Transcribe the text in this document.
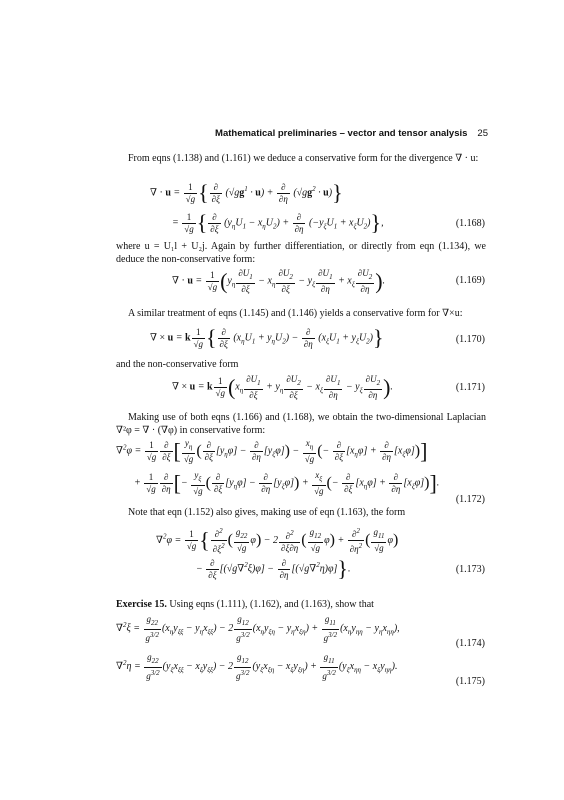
Mathematical preliminaries – vector and tensor analysis 25
From eqns (1.138) and (1.161) we deduce a conservative form for the divergence ∇ · u:
∇ · $u = \frac{1}{√g}$ { $\frac{\partial}{\partial\xi} (√gg^1 \cdot u) + \frac{\partial}{\partial\eta} (√gg^2 \cdot u)$}
= $\frac{1}{√g}$ { $\frac{\partial}{\partial\xi} (y_\eta U_1 - x_\eta U_2) + \frac{\partial}{\partial\eta} (-y_\xi U_1 + x_\xi U_2)$},	(1.168)
where u = U₁l + U₂j. Again by further differentiation, or directly from eqn (1.134), we deduce the non-conservative form:
∇ · $u = \frac{1}{√g} (y_\eta \frac{\partial U_1}{\partial\xi} - x_\eta \frac{\partial U_2}{\partial\xi} - y_\xi \frac{\partial U_1}{\partial\eta} + x_\xi \frac{\partial U_2}{\partial\eta}$ ).	(1.169)
A similar treatment of eqns (1.145) and (1.146) yields a conservative form for ∇×u:
∇ × u = k $\frac{1}{√g}$ { $\frac{\partial}{\partial\xi} (x_\eta U_1 + y_\eta U_2) - \frac{\partial}{\partial\eta} (x_\xi U_1 + y_\xi U_2)$}	(1.170)
and the non-conservative form
∇ × u = k $\frac{1}{√g} (x_\eta \frac{\partial U_1}{\partial\xi} + y_\eta \frac{\partial U_2}{\partial\xi} - x_\xi \frac{\partial U_1}{\partial\eta} - y_\xi \frac{\partial U_2}{\partial\eta}$ ).	(1.171)
Making use of both eqns (1.166) and (1.168), we obtain the two-dimensional Laplacian ∇²φ = ∇ · (∇φ) in conservative form:
$\nabla^2\varphi = \frac{1}{√g} \frac{\partial}{\partial\xi}$ [ $\frac{y_\eta}{√g}$ ( $\frac{\partial}{\partial\xi} [y_\eta\varphi] - \frac{\partial}{\partial\eta} [y_\xi\varphi]) - \frac{x_\eta}{√g}$ (− $\frac{\partial}{\partial\xi} [x_\eta\varphi] + \frac{\partial}{\partial\eta} [x_\xi\varphi]$)]
+ $\frac{1}{√g} \frac{\partial}{\partial\eta}$ [− $\frac{y_\xi}{√g}$ ( $\frac{\partial}{\partial\xi} [y_\eta\varphi] - \frac{\partial}{\partial\eta} [y_\xi\varphi]) + \frac{x_\xi}{√g}$ (− $\frac{\partial}{\partial\xi} [x_\eta\varphi] + \frac{\partial}{\partial\eta} [x_\xi\varphi]$)].
(1.172)
Note that eqn (1.152) also gives, making use of eqn (1.163), the form
$\nabla^2\varphi = \frac{1}{√g}$ { $\frac{\partial^2}{\partial\xi^2}$ ( $\frac{g_{22}}{√g} \varphi) - 2 \frac{\partial^2}{\partial\xi\partial\eta}$ ( $\frac{g_{12}}{√g} \varphi) + \frac{\partial^2}{\partial\eta^2}$ ( $\frac{g_{11}}{√g} \varphi$)
− $\frac{\partial}{\partial\xi} [(√g\nabla^2\xi)\varphi] - \frac{\partial}{\partial\eta} [(√g\nabla^2\eta)\varphi]$}.	(1.173)
Exercise 15. Using eqns (1.111), (1.162), and (1.163), show that
$\nabla^2\xi = \frac{g_{22}}{g^{3/2}} (x_\eta y_{\xi\xi} - y_\eta x_{\xi\xi}) - 2 \frac{g_{12}}{g^{3/2}} (x_\eta y_{\xi\eta} - y_\eta x_{\xi\eta}) + \frac{g_{11}}{g^{3/2}} (x_\eta y_{\eta\eta} - y_\eta x_{\eta\eta})$,
(1.174)
$\nabla^2\eta = \frac{g_{22}}{g^{3/2}} (y_\xi x_{\xi\xi} - x_\xi y_{\xi\xi}) - 2 \frac{g_{12}}{g^{3/2}} (y_\xi x_{\xi\eta} - x_\xi y_{\xi\eta}) + \frac{g_{11}}{g^{3/2}} (y_\xi x_{\eta\eta} - x_\xi y_{\eta\eta})$.
(1.175)
